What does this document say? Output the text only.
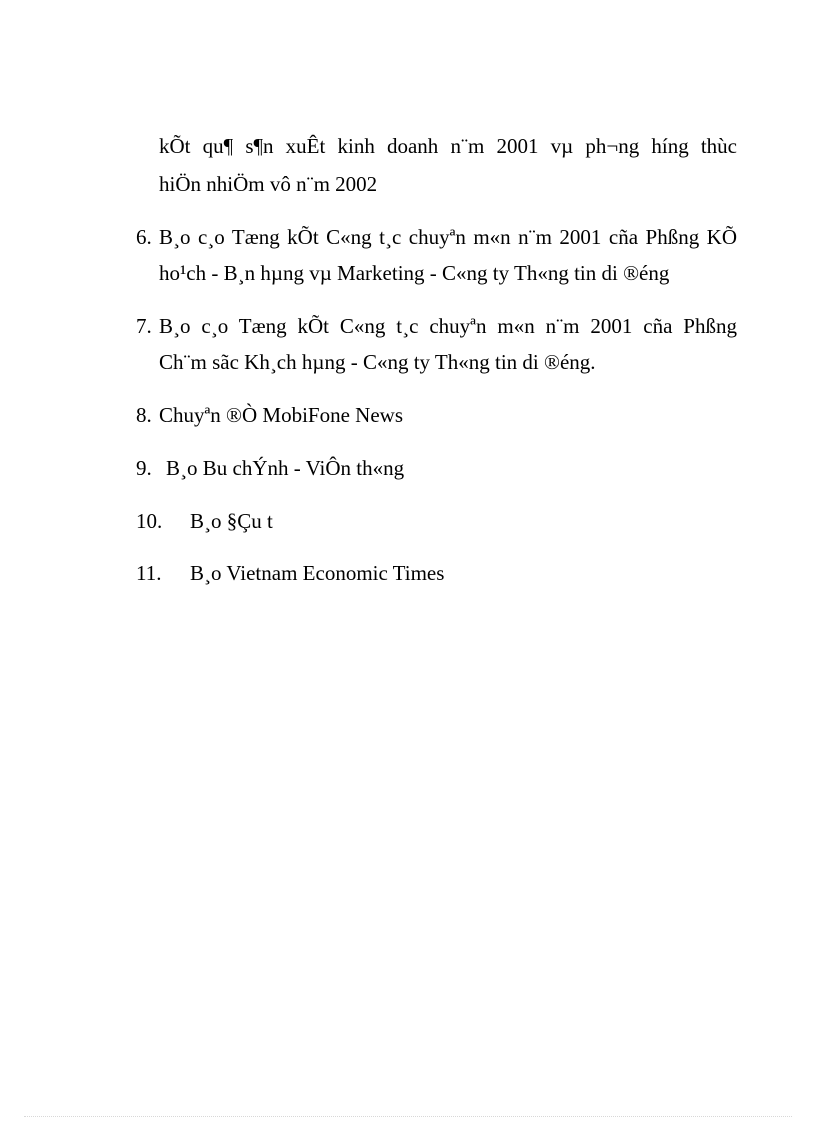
kÕt qu¶ s¶n xuÊt kinh doanh n¨m 2001 vµ ph¬ng híng thùc
hiÖn nhiÖm vô n¨m 2002
6. B¸o c¸o Tæng kÕt C«ng t¸c chuyªn m«n n¨m 2001 cña Phßng KÕ
ho¹ch - B¸n hµng vµ Marketing - C«ng ty Th«ng tin di ®éng
7. B¸o c¸o Tæng kÕt C«ng t¸c chuyªn m«n n¨m 2001 cña Phßng
Ch¨m sãc Kh¸ch hµng - C«ng ty Th«ng tin di ®éng.
8. Chuyªn ®Ò MobiFone News
9. B¸o Bu chÝnh - ViÔn th«ng
10. B¸o §Çu t
11. B¸o Vietnam Economic Times
